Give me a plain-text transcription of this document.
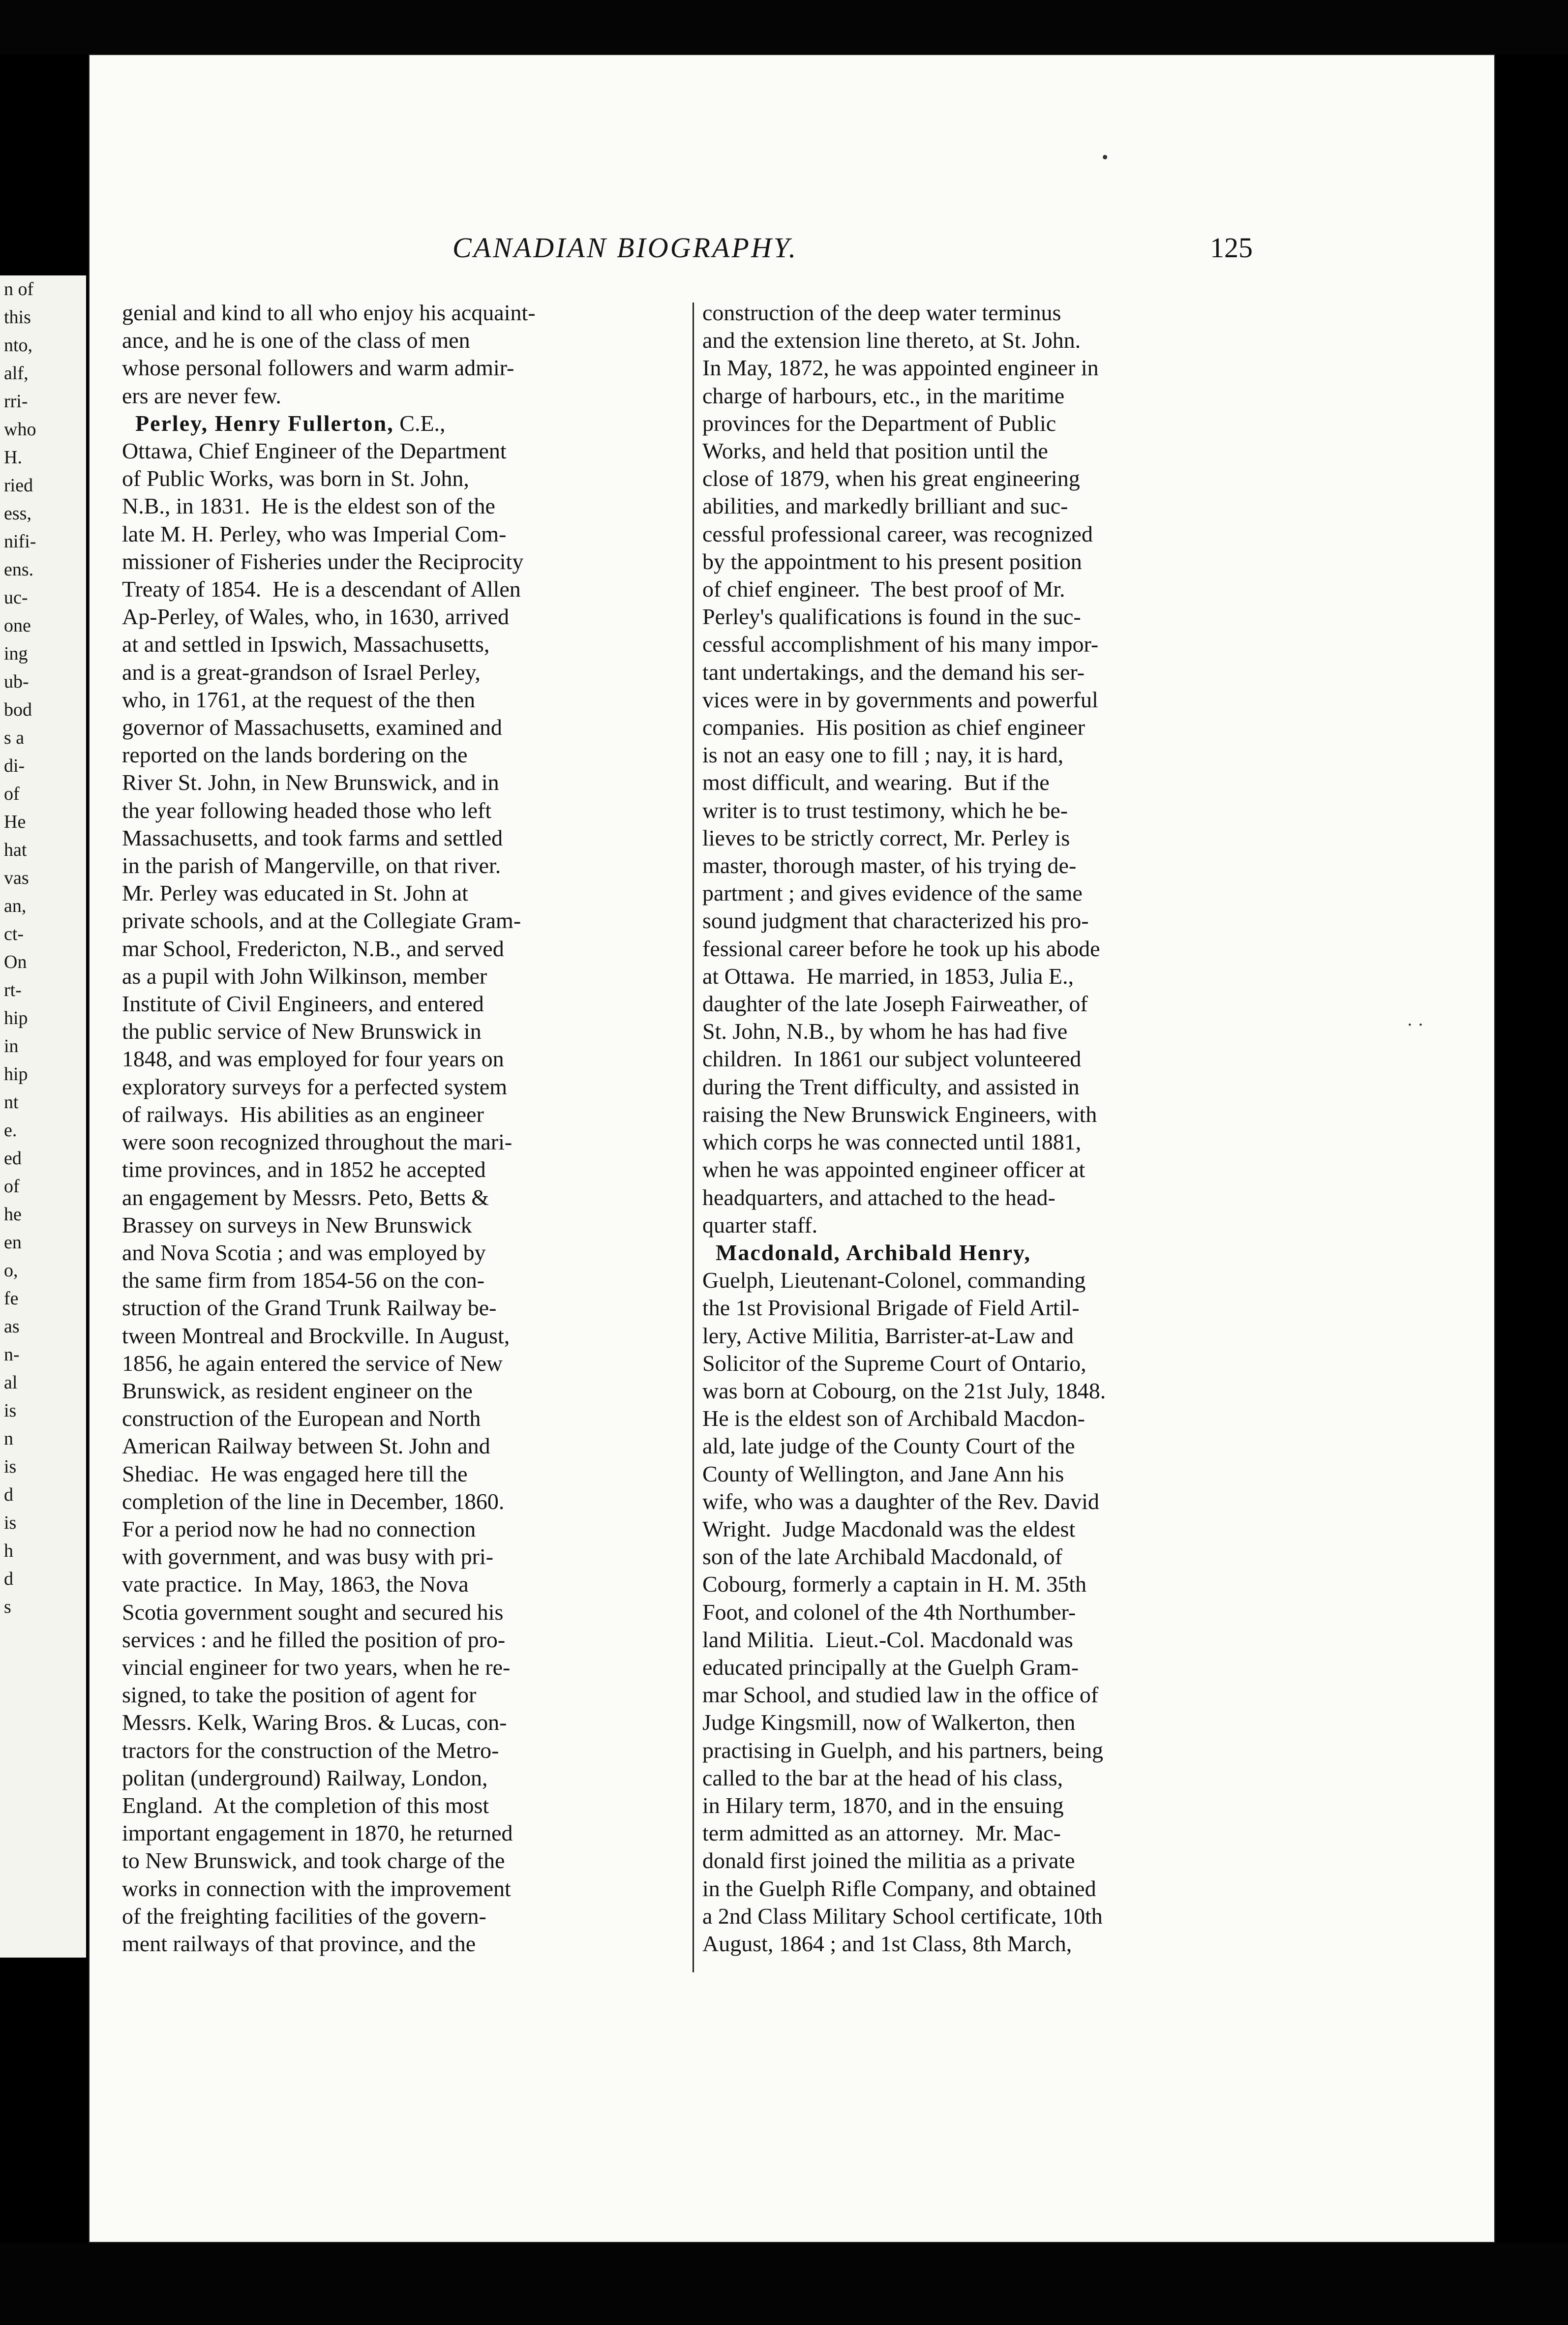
n of
this
nto,
alf,
rri-
who
H.
ried
ess,
nifi-
ens.
uc-
one
ing
ub-
bod
s a
di-
of
He
hat
vas
an,
ct-
On
rt-
hip
in
hip
nt
e.
ed
of
he
en
o,
fe
as
n-
al
is
n
is
d
is
h
d
s
CANADIAN BIOGRAPHY.	125
genial and kind to all who enjoy his acquaint-
ance, and he is one of the class of men
whose personal followers and warm admir-
ers are never few.
Perley, Henry Fullerton, C.E.,
Ottawa, Chief Engineer of the Department
of Public Works, was born in St. John,
N.B., in 1831.  He is the eldest son of the
late M. H. Perley, who was Imperial Com-
missioner of Fisheries under the Reciprocity
Treaty of 1854.  He is a descendant of Allen
Ap-Perley, of Wales, who, in 1630, arrived
at and settled in Ipswich, Massachusetts,
and is a great-grandson of Israel Perley,
who, in 1761, at the request of the then
governor of Massachusetts, examined and
reported on the lands bordering on the
River St. John, in New Brunswick, and in
the year following headed those who left
Massachusetts, and took farms and settled
in the parish of Mangerville, on that river.
Mr. Perley was educated in St. John at
private schools, and at the Collegiate Gram-
mar School, Fredericton, N.B., and served
as a pupil with John Wilkinson, member
Institute of Civil Engineers, and entered
the public service of New Brunswick in
1848, and was employed for four years on
exploratory surveys for a perfected system
of railways.  His abilities as an engineer
were soon recognized throughout the mari-
time provinces, and in 1852 he accepted
an engagement by Messrs. Peto, Betts &
Brassey on surveys in New Brunswick
and Nova Scotia ; and was employed by
the same firm from 1854-56 on the con-
struction of the Grand Trunk Railway be-
tween Montreal and Brockville. In August,
1856, he again entered the service of New
Brunswick, as resident engineer on the
construction of the European and North
American Railway between St. John and
Shediac.  He was engaged here till the
completion of the line in December, 1860.
For a period now he had no connection
with government, and was busy with pri-
vate practice.  In May, 1863, the Nova
Scotia government sought and secured his
services : and he filled the position of pro-
vincial engineer for two years, when he re-
signed, to take the position of agent for
Messrs. Kelk, Waring Bros. & Lucas, con-
tractors for the construction of the Metro-
politan (underground) Railway, London,
England.  At the completion of this most
important engagement in 1870, he returned
to New Brunswick, and took charge of the
works in connection with the improvement
of the freighting facilities of the govern-
ment railways of that province, and the
construction of the deep water terminus
and the extension line thereto, at St. John.
In May, 1872, he was appointed engineer in
charge of harbours, etc., in the maritime
provinces for the Department of Public
Works, and held that position until the
close of 1879, when his great engineering
abilities, and markedly brilliant and suc-
cessful professional career, was recognized
by the appointment to his present position
of chief engineer.  The best proof of Mr.
Perley's qualifications is found in the suc-
cessful accomplishment of his many impor-
tant undertakings, and the demand his ser-
vices were in by governments and powerful
companies.  His position as chief engineer
is not an easy one to fill ; nay, it is hard,
most difficult, and wearing.  But if the
writer is to trust testimony, which he be-
lieves to be strictly correct, Mr. Perley is
master, thorough master, of his trying de-
partment ; and gives evidence of the same
sound judgment that characterized his pro-
fessional career before he took up his abode
at Ottawa.  He married, in 1853, Julia E.,
daughter of the late Joseph Fairweather, of
St. John, N.B., by whom he has had five
children.  In 1861 our subject volunteered
during the Trent difficulty, and assisted in
raising the New Brunswick Engineers, with
which corps he was connected until 1881,
when he was appointed engineer officer at
headquarters, and attached to the head-
quarter staff.
Macdonald, Archibald Henry,
Guelph, Lieutenant-Colonel, commanding
the 1st Provisional Brigade of Field Artil-
lery, Active Militia, Barrister-at-Law and
Solicitor of the Supreme Court of Ontario,
was born at Cobourg, on the 21st July, 1848.
He is the eldest son of Archibald Macdon-
ald, late judge of the County Court of the
County of Wellington, and Jane Ann his
wife, who was a daughter of the Rev. David
Wright.  Judge Macdonald was the eldest
son of the late Archibald Macdonald, of
Cobourg, formerly a captain in H. M. 35th
Foot, and colonel of the 4th Northumber-
land Militia.  Lieut.-Col. Macdonald was
educated principally at the Guelph Gram-
mar School, and studied law in the office of
Judge Kingsmill, now of Walkerton, then
practising in Guelph, and his partners, being
called to the bar at the head of his class,
in Hilary term, 1870, and in the ensuing
term admitted as an attorney.  Mr. Mac-
donald first joined the militia as a private
in the Guelph Rifle Company, and obtained
a 2nd Class Military School certificate, 10th
August, 1864 ; and 1st Class, 8th March,
•
· ·
